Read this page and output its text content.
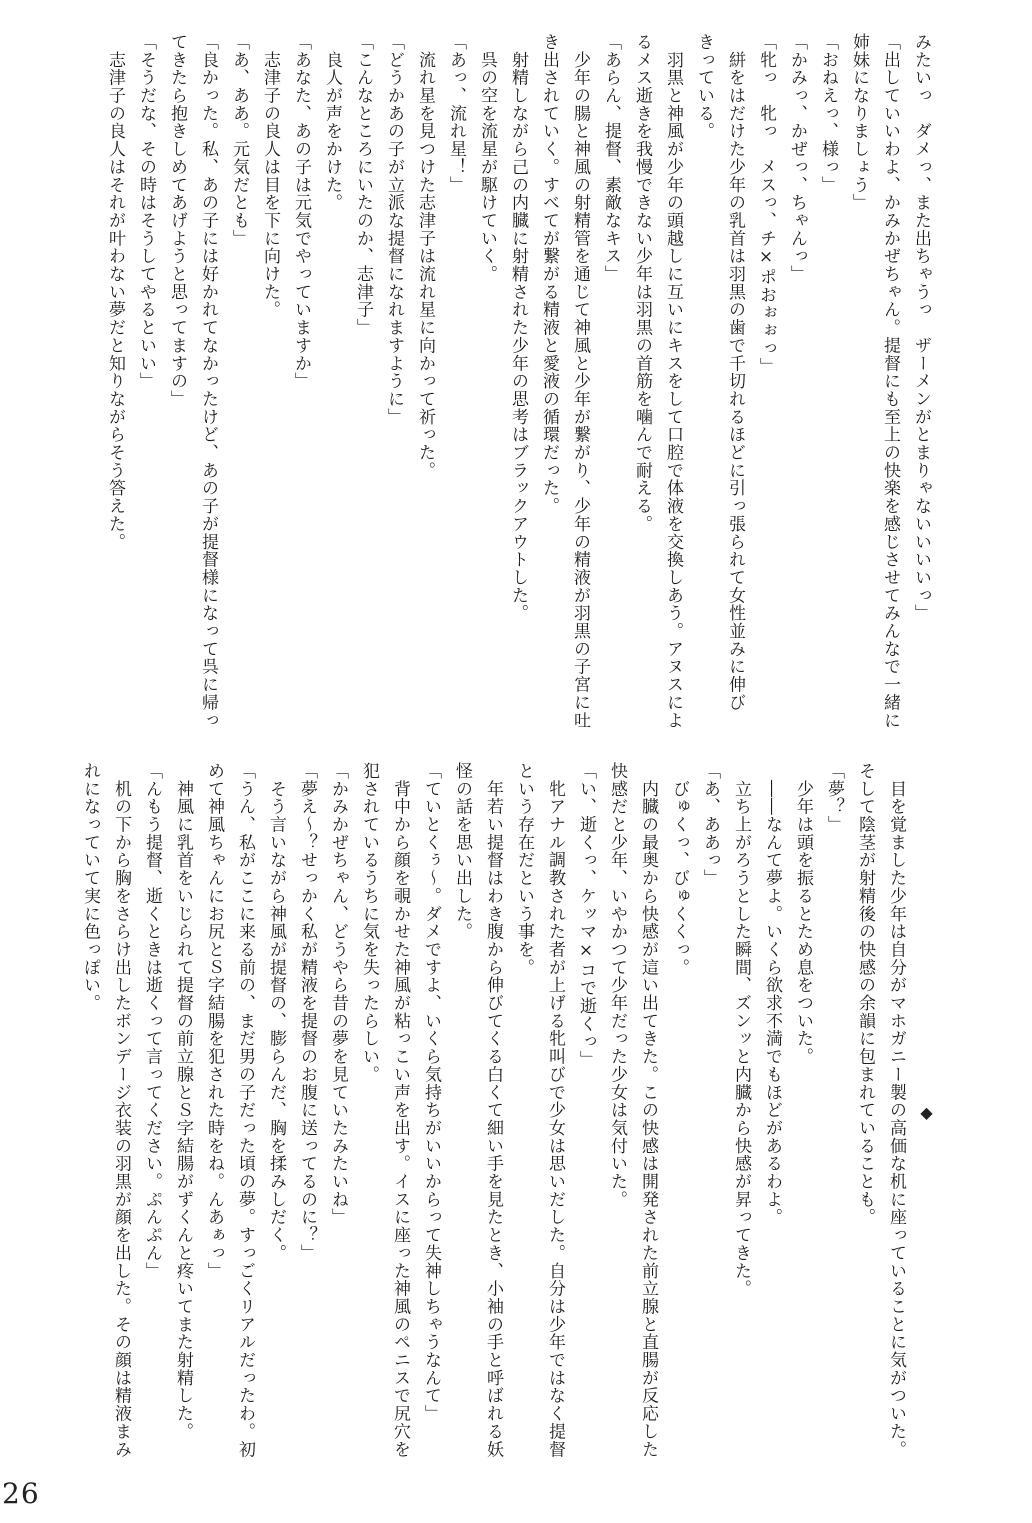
みたいっ　ダメっ、また出ちゃうっ　ザーメンがとまりゃないいいいっ」

「出していいわよ、かみかぜちゃん。提督にも至上の快楽を感じさせてみんなで一緒に

姉妹になりましょう」

「おねえっ、様っ」

「かみっ、かぜっ、ちゃんっ」

「牝っ　牝っ　メスっ、チ×ポおぉぉっ」

　絣をはだけた少年の乳首は羽黒の歯で千切れるほどに引っ張られて女性並みに伸び

きっている。

　羽黒と神風が少年の頭越しに互いにキスをして口腔で体液を交換しあう。アヌスによ

るメス逝きを我慢できない少年は羽黒の首筋を噛んで耐える。

「あらん、提督、素敵なキス」

　少年の腸と神風の射精管を通じて神風と少年が繋がり、少年の精液が羽黒の子宮に吐

き出されていく。すべてが繋がる精液と愛液の循環だった。

　射精しながら己の内臓に射精された少年の思考はブラックアウトした。

　呉の空を流星が駆けていく。

「あっ、流れ星！」

　流れ星を見つけた志津子は流れ星に向かって祈った。

「どうかあの子が立派な提督になれますように」

「こんなところにいたのか、志津子」

　良人が声をかけた。

「あなた、あの子は元気でやっていますか」

　志津子の良人は目を下に向けた。

「あ、ああ。元気だとも」

「良かった。私、あの子には好かれてなかったけど、あの子が提督様になって呉に帰っ

てきたら抱きしめてあげようと思ってますの」

「そうだな、その時はそうしてやるといい」

　志津子の良人はそれが叶わない夢だと知りながらそう答えた。

◆

　目を覚ました少年は自分がマホガニー製の高価な机に座っていることに気がついた。

そして陰茎が射精後の快感の余韻に包まれていることも。

「夢？」

　少年は頭を振るとため息をついた。

　――なんて夢よ。いくら欲求不満でもほどがあるわよ。

　立ち上がろうとした瞬間、ズンッと内臓から快感が昇ってきた。

「あ、ああっ」

　びゅくっ、びゅくくっ。

　内臓の最奥から快感が這い出てきた。この快感は開発された前立腺と直腸が反応した

快感だと少年、いやかつて少年だった少女は気付いた。

「い、逝くっ、ケッマ×コで逝くっ」

　牝アナル調教された者が上げる牝叫びで少女は思いだした。自分は少年ではなく提督

という存在だという事を。

　年若い提督はわき腹から伸びてくる白くて細い手を見たとき、小袖の手と呼ばれる妖

怪の話を思い出した。

「ていとくぅ〜。ダメですよ、いくら気持ちがいいからって失神しちゃうなんて」

　背中から顔を覗かせた神風が粘っこい声を出す。イスに座った神風のペニスで尻穴を

犯されているうちに気を失ったらしい。

「かみかぜちゃん、どうやら昔の夢を見ていたみたいね」

「夢え〜？せっかく私が精液を提督のお腹に送ってるのに？」

　そう言いながら神風が提督の、膨らんだ、胸を揉みしだく。

「うん、私がここに来る前の、まだ男の子だった頃の夢。すっごくリアルだったわ。初

めて神風ちゃんにお尻とＳ字結腸を犯された時をね。んあぁっ」

　神風に乳首をいじられて提督の前立腺とＳ字結腸がずくんと疼いてまた射精した。

「んもう提督、逝くときは逝くって言ってください。ぷんぷん」

　机の下から胸をさらけ出したボンデージ衣装の羽黒が顔を出した。その顔は精液まみ

れになっていて実に色っぽい。

26
